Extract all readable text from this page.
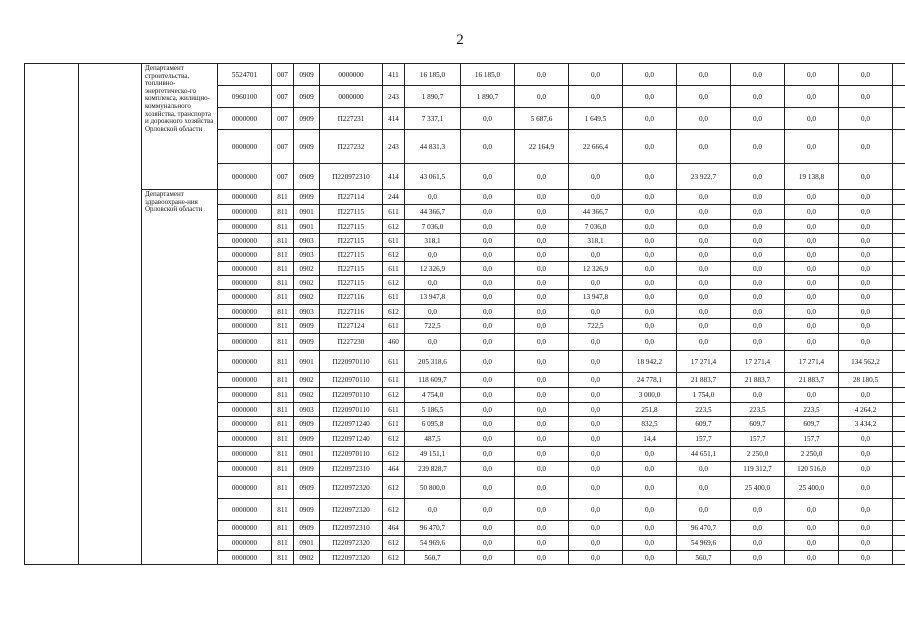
2
		Департамент строительства, топливно-энергетическо-го комплекса, жилищно-коммунального хозяйства, транспорта и дорожного хозяйства Орловской области	5524701	007	0909	0000000	411	16 185,0	16 185,0	0,0	0,0	0,0	0,0	0,0	0,0	0,0	
			0960100	007	0909	0000000	243	1 890,7	1 890,7	0,0	0,0	0,0	0,0	0,0	0,0	0,0	
			0000000	007	0909	П227231	414	7 337,1	0,0	5 687,6	1 649,5	0,0	0,0	0,0	0,0	0,0	
			0000000	007	0909	П227232	243	44 831,3	0,0	22 164,9	22 666,4	0,0	0,0	0,0	0,0	0,0	
			0000000	007	0909	П220972310	414	43 061,5	0,0	0,0	0,0	0,0	23 922,7	0,0	19 138,8	0,0	
		Департамент здравоохране-ния Орловской области	0000000	811	0909	П227114	244	0,0	0,0	0,0	0,0	0,0	0,0	0,0	0,0	0,0	
			0000000	811	0901	П227115	611	44 366,7	0,0	0,0	44 366,7	0,0	0,0	0,0	0,0	0,0	
			0000000	811	0901	П227115	612	7 036,0	0,0	0,0	7 036,0	0,0	0,0	0,0	0,0	0,0	
			0000000	811	0903	П227115	611	318,1	0,0	0,0	318,1	0,0	0,0	0,0	0,0	0,0	
			0000000	811	0903	П227115	612	0,0	0,0	0,0	0,0	0,0	0,0	0,0	0,0	0,0	
			0000000	811	0902	П227115	611	12 326,9	0,0	0,0	12 326,9	0,0	0,0	0,0	0,0	0,0	
			0000000	811	0902	П227115	612	0,0	0,0	0,0	0,0	0,0	0,0	0,0	0,0	0,0	
			0000000	811	0902	П227116	611	13 947,8	0,0	0,0	13 947,8	0,0	0,0	0,0	0,0	0,0	
			0000000	811	0903	П227116	612	0,0	0,0	0,0	0,0	0,0	0,0	0,0	0,0	0,0	
			0000000	811	0909	П227124	611	722,5	0,0	0,0	722,5	0,0	0,0	0,0	0,0	0,0	
			0000000	811	0909	П227230	460	0,0	0,0	0,0	0,0	0,0	0,0	0,0	0,0	0,0	
			0000000	811	0901	П220970110	611	205 318,6	0,0	0,0	0,0	18 942,2	17 271,4	17 271,4	17 271,4	134 562,2	
			0000000	811	0902	П220970110	611	118 609,7	0,0	0,0	0,0	24 778,1	21 883,7	21 883,7	21 883,7	28 180,5	
			0000000	811	0902	П220970110	612	4 754,0	0,0	0,0	0,0	3 000,0	1 754,0	0,0	0,0	0,0	
			0000000	811	0903	П220970110	611	5 186,5	0,0	0,0	0,0	251,8	223,5	223,5	223,5	4 264,2	
			0000000	811	0909	П220971240	611	6 095,8	0,0	0,0	0,0	832,5	609,7	609,7	609,7	3 434,2	
			0000000	811	0909	П220971240	612	487,5	0,0	0,0	0,0	14,4	157,7	157,7	157,7	0,0	
			0000000	811	0901	П220970110	612	49 151,1	0,0	0,0	0,0	0,0	44 651,1	2 250,0	2 250,0	0,0	
			0000000	811	0909	П220972310	464	239 828,7	0,0	0,0	0,0	0,0	0,0	119 312,7	120 516,0	0,0	
			0000000	811	0909	П220972320	612	50 800,0	0,0	0,0	0,0	0,0	0,0	25 400,0	25 400,0	0,0	
			0000000	811	0909	П220972320	612	0,0	0,0	0,0	0,0	0,0	0,0	0,0	0,0	0,0	
			0000000	811	0909	П220972310	464	96 470,7	0,0	0,0	0,0	0,0	96 470,7	0,0	0,0	0,0	
			0000000	811	0901	П220972320	612	54 969,6	0,0	0,0	0,0	0,0	54 969,6	0,0	0,0	0,0	
			0000000	811	0902	П220972320	612	560,7	0,0	0,0	0,0	0,0	560,7	0,0	0,0	0,0	
